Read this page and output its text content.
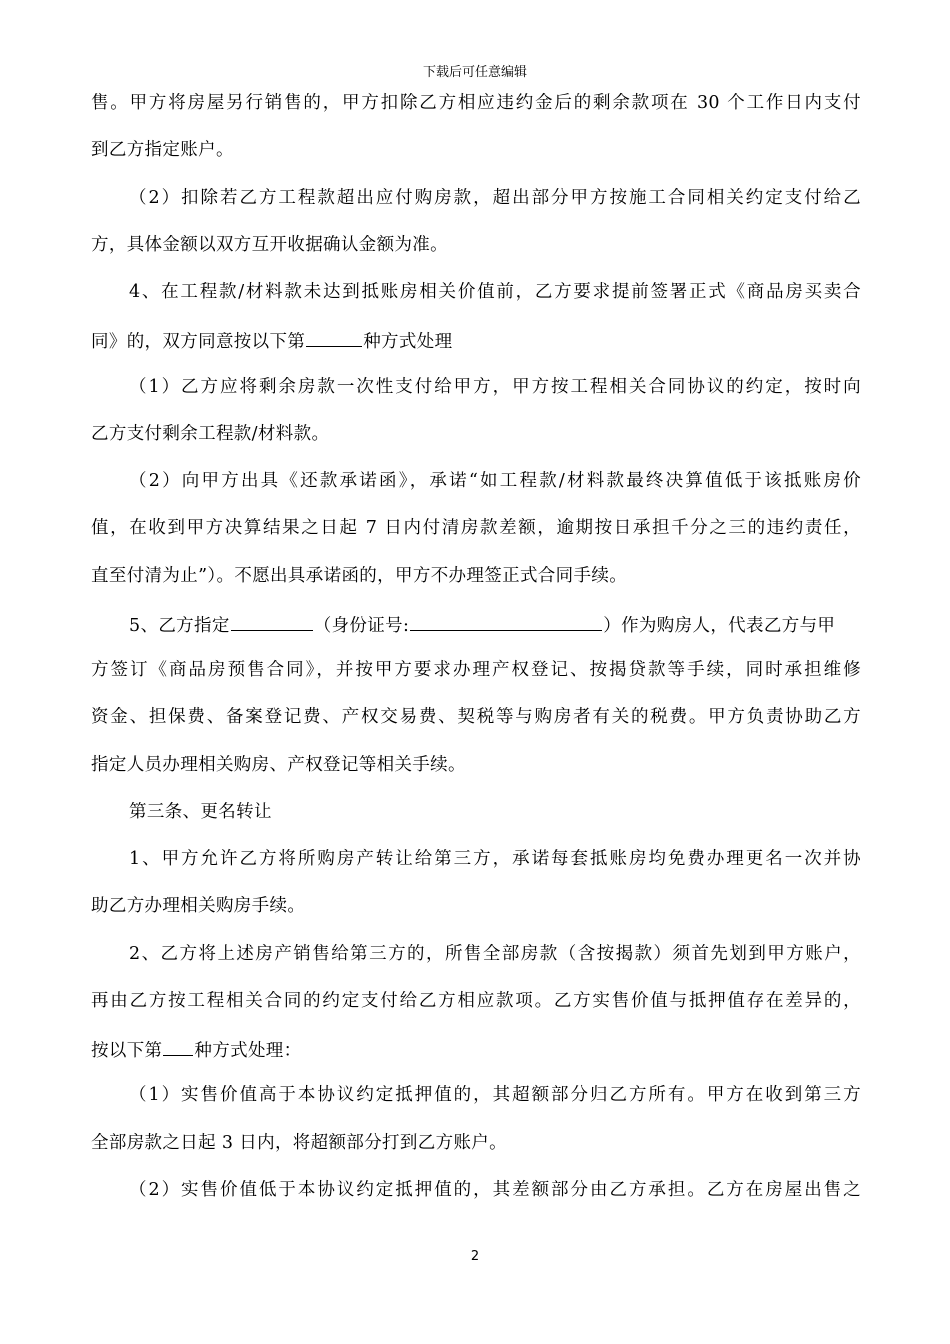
下载后可任意编辑
售。甲方将房屋另行销售的，甲方扣除乙方相应违约金后的剩余款项在 30 个工作日内支付
到乙方指定账户。
（2）扣除若乙方工程款超出应付购房款，超出部分甲方按施工合同相关约定支付给乙
方，具体金额以双方互开收据确认金额为准。
4、在工程款/材料款未达到抵账房相关价值前，乙方要求提前签署正式《商品房买卖合
同》的，双方同意按以下第	种方式处理
（1）乙方应将剩余房款一次性支付给甲方，甲方按工程相关合同协议的约定，按时向
乙方支付剩余工程款/材料款。
（2）向甲方出具《还款承诺函》，承诺“如工程款/材料款最终决算值低于该抵账房价
值，在收到甲方决算结果之日起 7 日内付清房款差额，逾期按日承担千分之三的违约责任，
直至付清为止”）。不愿出具承诺函的，甲方不办理签正式合同手续。
5、乙方指定	（身份证号:	）作为购房人，代表乙方与甲
方签订《商品房预售合同》，并按甲方要求办理产权登记、按揭贷款等手续，同时承担维修
资金、担保费、备案登记费、产权交易费、契税等与购房者有关的税费。甲方负责协助乙方
指定人员办理相关购房、产权登记等相关手续。
第三条、更名转让
1、甲方允许乙方将所购房产转让给第三方，承诺每套抵账房均免费办理更名一次并协
助乙方办理相关购房手续。
2、乙方将上述房产销售给第三方的，所售全部房款（含按揭款）须首先划到甲方账户，
再由乙方按工程相关合同的约定支付给乙方相应款项。乙方实售价值与抵押值存在差异的，
按以下第 种方式处理：
（1）实售价值高于本协议约定抵押值的，其超额部分归乙方所有。甲方在收到第三方
全部房款之日起 3 日内，将超额部分打到乙方账户。
（2）实售价值低于本协议约定抵押值的，其差额部分由乙方承担。乙方在房屋出售之
2
